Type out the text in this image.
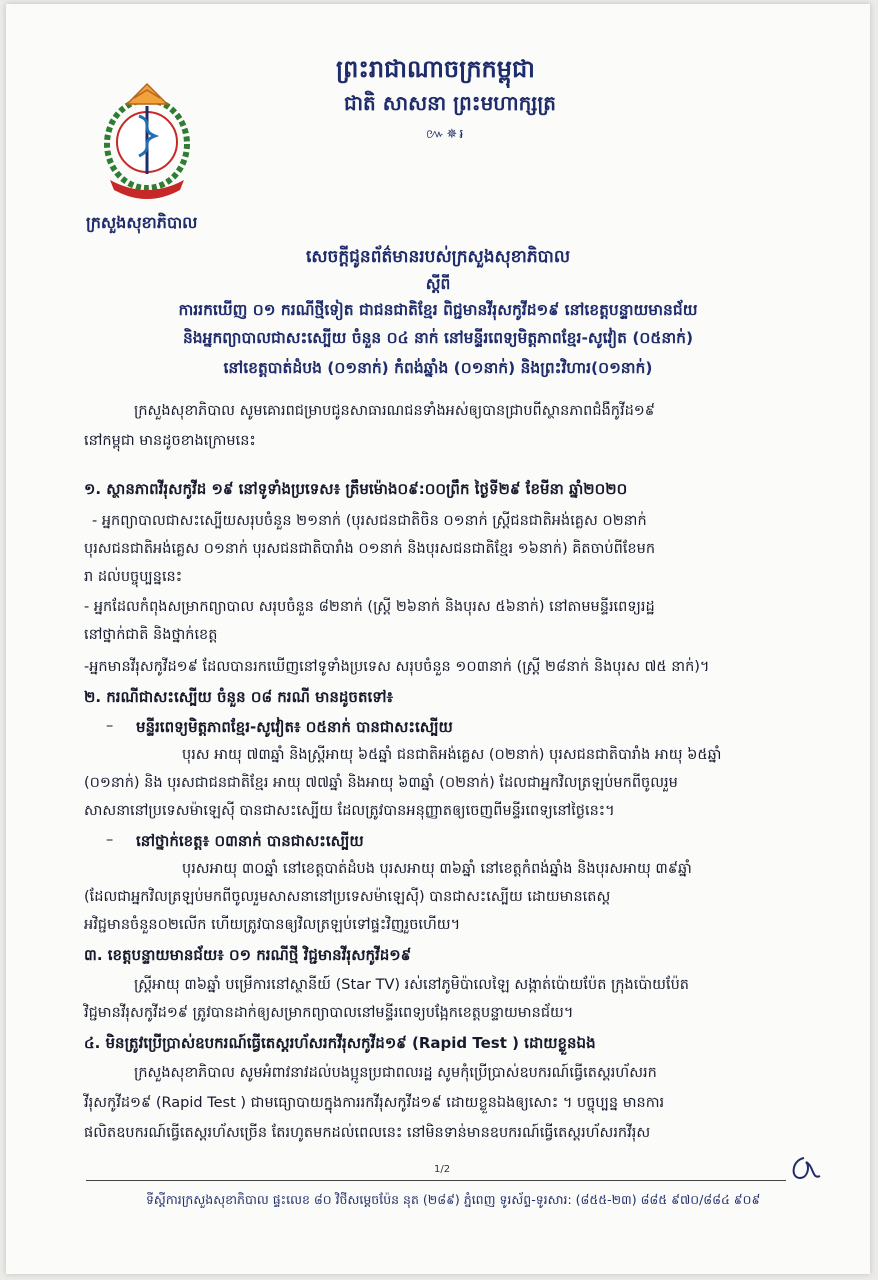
ព្រះរាជាណាចក្រកម្ពុជា
ជាតិ សាសនា ព្រះមហាក្សត្រ
៚✵៛
ក្រសួងសុខាភិបាល
សេចក្តីជូនព័ត៌មានរបស់ក្រសួងសុខាភិបាល
ស្តីពី
ការរកឃើញ ០១ ករណីថ្មីទៀត ជាជនជាតិខ្មែរ ពិជ្ជមានវីរុសកូវីដ១៩ នៅខេត្តបន្ទាយមានជ័យ
និងអ្នកព្យាបាលជាសះស្បើយ ចំនួន ០៤ នាក់ នៅមន្ទីរពេទ្យមិត្តភាពខ្មែរ-សូវៀត (០៥នាក់)
នៅខេត្តបាត់ដំបង (០១នាក់) កំពង់ឆ្នាំង (០១នាក់) និងព្រះវិហារ(០១នាក់)
ក្រសួងសុខាភិបាល សូមគោរពជម្រាបជូនសាធារណជនទាំងអស់ឲ្យបានជ្រាបពីស្ថានភាពជំងឺកូវីដ១៩
នៅកម្ពុជា មានដូចខាងក្រោមនេះ
១. ស្ថានភាពវីរុសកូវីដ ១៩ នៅទូទាំងប្រទេស៖ ត្រឹមម៉ោង០៩:០០ព្រឹក ថ្ងៃទី២៩ ខែមីនា ឆ្នាំ២០២០
- អ្នកព្យាបាលជាសះស្បើយសរុបចំនួន ២១នាក់ (បុរសជនជាតិចិន ០១នាក់ ស្ត្រីជនជាតិអង់គ្លេស ០២នាក់
បុរសជនជាតិអង់គ្លេស ០១នាក់ បុរសជនជាតិបារាំង ០១នាក់ និងបុរសជនជាតិខ្មែរ ១៦នាក់) គិតចាប់ពីខែមក
រា ដល់បច្ចុប្បន្ននេះ
- អ្នកដែលកំពុងសម្រាកព្យាបាល សរុបចំនួន ៨២នាក់ (ស្ត្រី ២៦នាក់ និងបុរស ៥៦នាក់) នៅតាមមន្ទីរពេទ្យរដ្ឋ
នៅថ្នាក់ជាតិ និងថ្នាក់ខេត្ត
-អ្នកមានវីរុសកូវីដ១៩ ដែលបានរកឃើញនៅទូទាំងប្រទេស សរុបចំនួន ១០៣នាក់ (ស្ត្រី ២៨នាក់ និងបុរស ៧៥ នាក់)។
២. ករណីជាសះស្បើយ ចំនួន ០៨ ករណី មានដូចតទៅ៖
– មន្ទីរពេទ្យមិត្តភាពខ្មែរ-សូវៀត៖ ០៥នាក់ បានជាសះស្បើយ
បុរស អាយុ ៧៣ឆ្នាំ និងស្ត្រីអាយុ ៦៥ឆ្នាំ ជនជាតិអង់គ្លេស (០២នាក់) បុរសជនជាតិបារាំង អាយុ ៦៥ឆ្នាំ
(០១នាក់) និង បុរសជាជនជាតិខ្មែរ អាយុ ៧៧ឆ្នាំ និងអាយុ ៦៣ឆ្នាំ (០២នាក់) ដែលជាអ្នកវិលត្រឡប់មកពីចូលរួម
សាសនានៅប្រទេសម៉ាឡេស៊ី បានជាសះស្បើយ ដែលត្រូវបានអនុញ្ញាតឲ្យចេញពីមន្ទីរពេទ្យនៅថ្ងៃនេះ។
– នៅថ្នាក់ខេត្ត៖ ០៣នាក់ បានជាសះស្បើយ
បុរសអាយុ ៣០ឆ្នាំ នៅខេត្តបាត់ដំបង បុរសអាយុ ៣៦ឆ្នាំ នៅខេត្តកំពង់ឆ្នាំង និងបុរសអាយុ ៣៩ឆ្នាំ
(ដែលជាអ្នកវិលត្រឡប់មកពីចូលរួមសាសនានៅប្រទេសម៉ាឡេស៊ី) បានជាសះស្បើយ ដោយមានតេស្ត
អវិជ្ជមានចំនួន០២លើក ហើយត្រូវបានឲ្យវិលត្រឡប់ទៅផ្ទះវិញរួចហើយ។
៣. ខេត្តបន្ទាយមានជ័យ៖ ០១ ករណីថ្មី វិជ្ជមានវីរុសកូវីដ១៩
ស្ត្រីអាយុ ៣៦ឆ្នាំ បម្រើការនៅស្ថានីយ៍ (Star TV) រស់នៅភូមិប៉ាលេឡៃ សង្កាត់ប៉ោយប៉ែត ក្រុងប៉ោយប៉ែត
វិជ្ជមានវីរុសកូវីដ១៩ ត្រូវបានដាក់ឲ្យសម្រាកព្យាបាលនៅមន្ទីរពេទ្យបង្អែកខេត្តបន្ទាយមានជ័យ។
៤. មិនត្រូវប្រើប្រាស់ឧបករណ៍ធ្វើតេស្តរហ័សរកវីរុសកូវីដ១៩ (Rapid Test ) ដោយខ្លួនឯង
ក្រសួងសុខាភិបាល សូមអំពាវនាវដល់បងប្អូនប្រជាពលរដ្ឋ សូមកុំប្រើប្រាស់ឧបករណ៍ធ្វើតេស្តរហ័សរក
វីរុសកូវីដ១៩ (Rapid Test ) ជាមធ្យោបាយក្នុងការរកវីរុសកូវីដ១៩ ដោយខ្លួនឯងឲ្យសោះ ។ បច្ចុប្បន្ន មានការ
ផលិតឧបករណ៍ធ្វើតេស្តរហ័សច្រើន តែរហូតមកដល់ពេលនេះ នៅមិនទាន់មានឧបករណ៍ធ្វើតេស្តរហ័សរកវីរុស
1/2
ទីស្តីការក្រសួងសុខាភិបាល ផ្ទះលេខ ៨០ វិថីសម្តេចប៉ែន នុត (២៨៩) ភ្នំពេញ ទូរស័ព្ទ-ទូរសារ: (៨៥៥-២៣) ៨៨៥ ៩៧០/៨៨៤ ៩០៩
